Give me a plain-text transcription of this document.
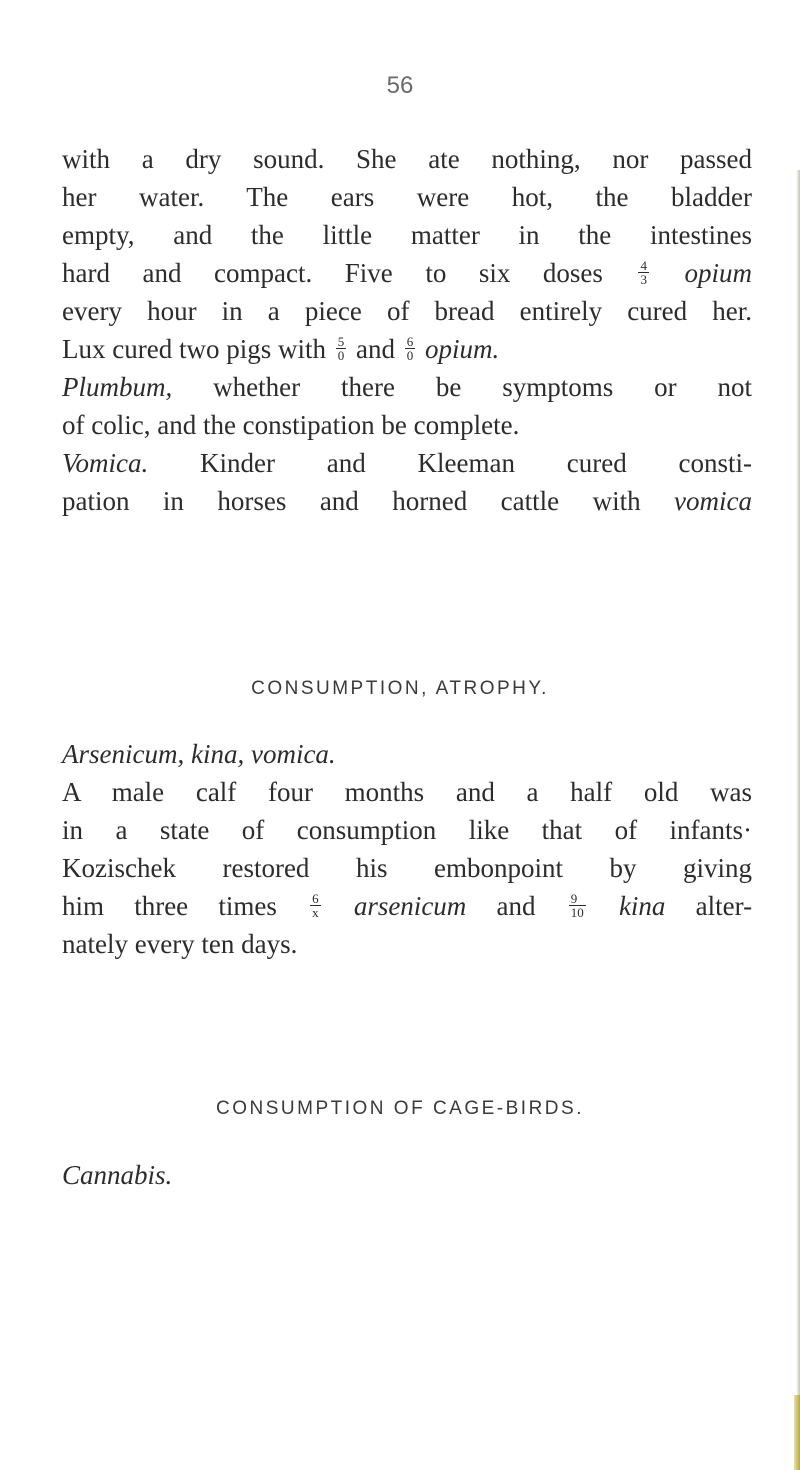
56
with a dry sound. She ate nothing, nor passed
her water. The ears were hot, the bladder
empty, and the little matter in the intestines
hard and compact. Five to six doses	$\frac{4}{3}$ opium
every hour in a piece of bread entirely cured her.
Lux cured two pigs with $\frac{5}{0}$ and $\frac{6}{0}$ opium.
Plumbum, whether there be symptoms or not
of colic, and the constipation be complete.
Vomica. Kinder and Kleeman cured consti-
pation in horses and horned cattle with vomica
CONSUMPTION, ATROPHY.
Arsenicum, kina, vomica.
A male calf four months and a half old was
in a state of consumption like that of infants·
Kozischek restored his embonpoint by giving
him three times	$\frac{6}{x}$ arsenicum and	$\frac{9}{10}$ kina alter-
nately every ten days.
CONSUMPTION OF CAGE-BIRDS.
Cannabis.
